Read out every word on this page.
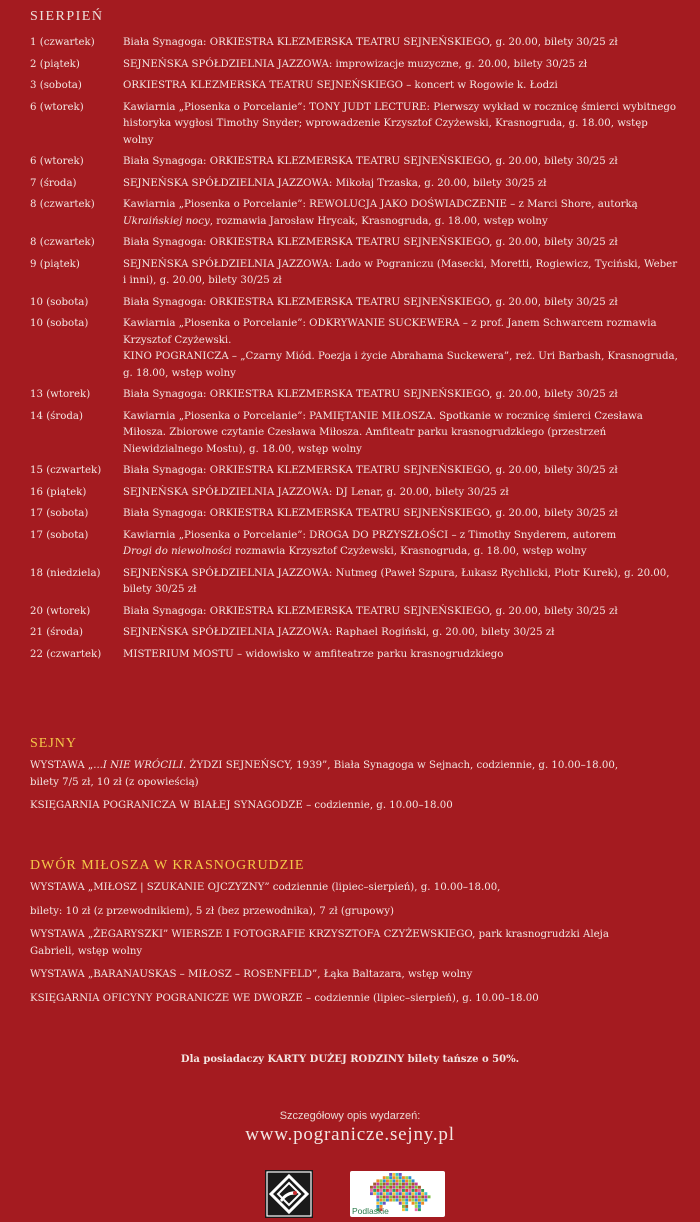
SIERPIEŃ
1 (czwartek)	Biała Synagoga: ORKIESTRA KLEZMERSKA TEATRU SEJNEŃSKIEGO, g. 20.00, bilety 30/25 zł
2 (piątek)	SEJNEŃSKA SPÓŁDZIELNIA JAZZOWA: improwizacje muzyczne, g. 20.00, bilety 30/25 zł
3 (sobota)	ORKIESTRA KLEZMERSKA TEATRU SEJNEŃSKIEGO – koncert w Rogowie k. Łodzi
6 (wtorek)	Kawiarnia „Piosenka o Porcelanie”: TONY JUDT LECTURE: Pierwszy wykład w rocznicę śmierci wybitnego historyka wygłosi Timothy Snyder; wprowadzenie Krzysztof Czyżewski, Krasnogruda, g. 18.00, wstęp wolny
6 (wtorek)	Biała Synagoga: ORKIESTRA KLEZMERSKA TEATRU SEJNEŃSKIEGO, g. 20.00, bilety 30/25 zł
7 (środa)	SEJNEŃSKA SPÓŁDZIELNIA JAZZOWA: Mikołaj Trzaska, g. 20.00, bilety 30/25 zł
8 (czwartek)	Kawiarnia „Piosenka o Porcelanie”: REWOLUCJA JAKO DOŚWIADCZENIE – z Marci Shore, autorką Ukraińskiej nocy, rozmawia Jarosław Hrycak, Krasnogruda, g. 18.00, wstęp wolny
8 (czwartek)	Biała Synagoga: ORKIESTRA KLEZMERSKA TEATRU SEJNEŃSKIEGO, g. 20.00, bilety 30/25 zł
9 (piątek)	SEJNEŃSKA SPÓŁDZIELNIA JAZZOWA: Lado w Pograniczu (Masecki, Moretti, Rogiewicz, Tyciński, Weber i inni), g. 20.00, bilety 30/25 zł
10 (sobota)	Biała Synagoga: ORKIESTRA KLEZMERSKA TEATRU SEJNEŃSKIEGO, g. 20.00, bilety 30/25 zł
10 (sobota)	Kawiarnia „Piosenka o Porcelanie”: ODKRYWANIE SUCKEWERA – z prof. Janem Schwarcem rozmawia Krzysztof Czyżewski.
KINO POGRANICZA – „Czarny Miód. Poezja i życie Abrahama Suckewera”, reż. Uri Barbash, Krasnogruda, g. 18.00, wstęp wolny
13 (wtorek)	Biała Synagoga: ORKIESTRA KLEZMERSKA TEATRU SEJNEŃSKIEGO, g. 20.00, bilety 30/25 zł
14 (środa)	Kawiarnia „Piosenka o Porcelanie”: PAMIĘTANIE MIŁOSZA. Spotkanie w rocznicę śmierci Czesława Miłosza. Zbiorowe czytanie Czesława Miłosza. Amfiteatr parku krasnogrudzkiego (przestrzeń Niewidzialnego Mostu), g. 18.00, wstęp wolny
15 (czwartek)	Biała Synagoga: ORKIESTRA KLEZMERSKA TEATRU SEJNEŃSKIEGO, g. 20.00, bilety 30/25 zł
16 (piątek)	SEJNEŃSKA SPÓŁDZIELNIA JAZZOWA: DJ Lenar, g. 20.00, bilety 30/25 zł
17 (sobota)	Biała Synagoga: ORKIESTRA KLEZMERSKA TEATRU SEJNEŃSKIEGO, g. 20.00, bilety 30/25 zł
17 (sobota)	Kawiarnia „Piosenka o Porcelanie”: DROGA DO PRZYSZŁOŚCI – z Timothy Snyderem, autorem
Drogi do niewolności rozmawia Krzysztof Czyżewski, Krasnogruda, g. 18.00, wstęp wolny
18 (niedziela)	SEJNEŃSKA SPÓŁDZIELNIA JAZZOWA: Nutmeg (Paweł Szpura, Łukasz Rychlicki, Piotr Kurek), g. 20.00, bilety 30/25 zł
20 (wtorek)	Biała Synagoga: ORKIESTRA KLEZMERSKA TEATRU SEJNEŃSKIEGO, g. 20.00, bilety 30/25 zł
21 (środa)	SEJNEŃSKA SPÓŁDZIELNIA JAZZOWA: Raphael Rogiński, g. 20.00, bilety 30/25 zł
22 (czwartek)	MISTERIUM MOSTU – widowisko w amfiteatrze parku krasnogrudzkiego
SEJNY

WYSTAWA „...I NIE WRÓCILI. ŻYDZI SEJNEŃSCY, 1939”, Biała Synagoga w Sejnach, codziennie, g. 10.00–18.00,
bilety 7/5 zł, 10 zł (z opowieścią)

KSIĘGARNIA POGRANICZA W BIAŁEJ SYNAGODZE – codziennie, g. 10.00–18.00

DWÓR MIŁOSZA W KRASNOGRUDZIE

WYSTAWA „MIŁOSZ | SZUKANIE OJCZYZNY” codziennie (lipiec–sierpień), g. 10.00–18.00,

bilety: 10 zł (z przewodnikiem), 5 zł (bez przewodnika), 7 zł (grupowy)

WYSTAWA „ŻEGARYSZKI” WIERSZE I FOTOGRAFIE KRZYSZTOFA CZYŻEWSKIEGO, park krasnogrudzki Aleja Gabrieli, wstęp wolny

WYSTAWA „BARANAUSKAS – MIŁOSZ – ROSENFELD”, Łąka Baltazara, wstęp wolny

KSIĘGARNIA OFICYNY POGRANICZE WE DWORZE – codziennie (lipiec–sierpień), g. 10.00–18.00

Dla posiadaczy KARTY DUŻEJ RODZINY bilety tańsze o 50%.
Szczegółowy opis wydarzeń:
www.pogranicze.sejny.pl
Podlaskie
